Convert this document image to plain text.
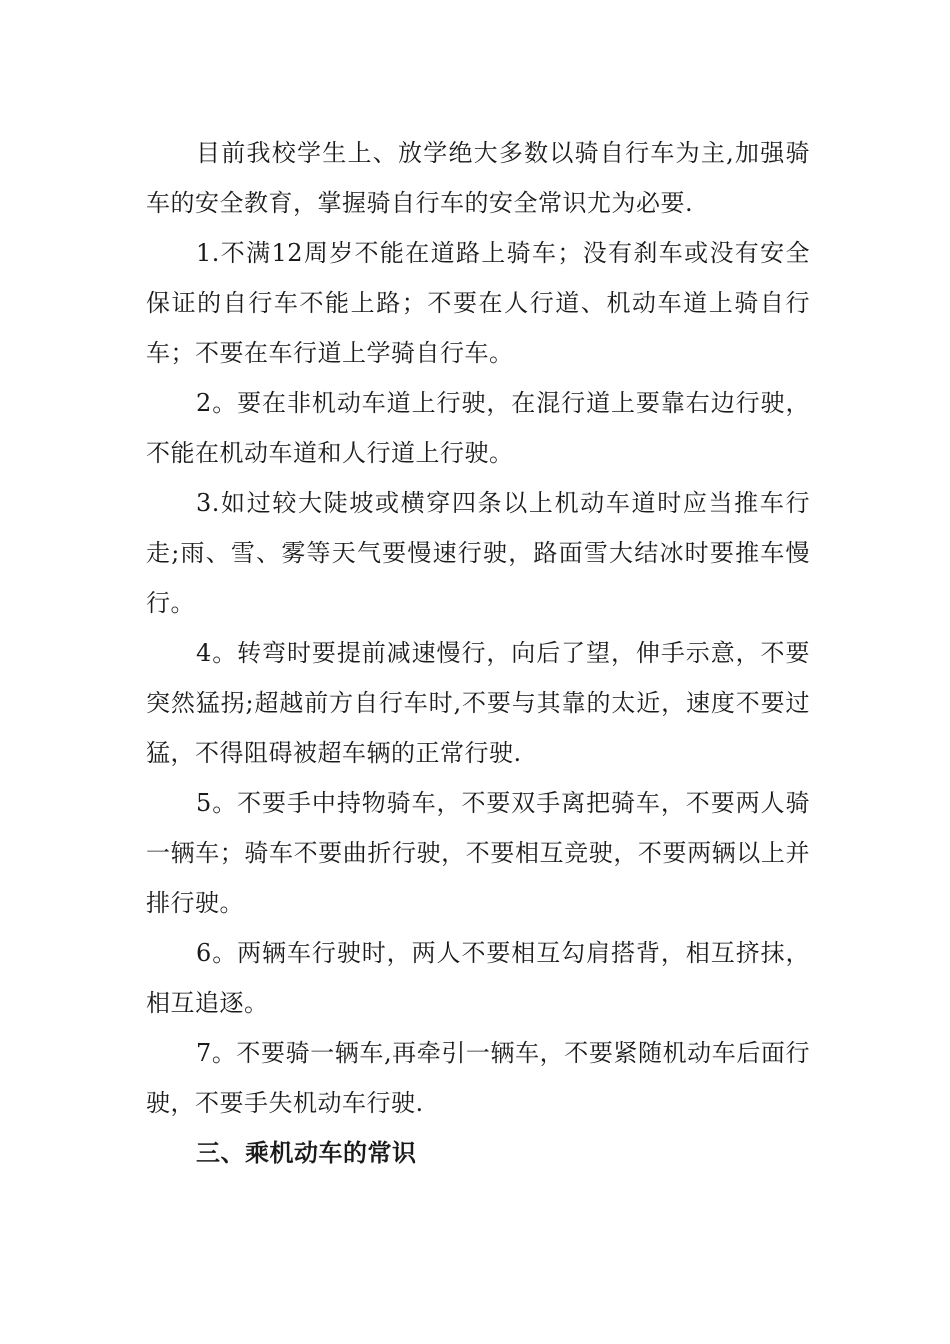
目前我校学生上、放学绝大多数以骑自行车为主,加强骑车的安全教育，掌握骑自行车的安全常识尤为必要.

1.不满12周岁不能在道路上骑车；没有刹车或没有安全保证的自行车不能上路；不要在人行道、机动车道上骑自行车；不要在车行道上学骑自行车。

2。要在非机动车道上行驶，在混行道上要靠右边行驶，不能在机动车道和人行道上行驶。

3.如过较大陡坡或横穿四条以上机动车道时应当推车行走;雨、雪、雾等天气要慢速行驶，路面雪大结冰时要推车慢行。

4。转弯时要提前减速慢行，向后了望，伸手示意，不要突然猛拐;超越前方自行车时,不要与其靠的太近，速度不要过猛，不得阻碍被超车辆的正常行驶.

5。不要手中持物骑车，不要双手离把骑车，不要两人骑一辆车；骑车不要曲折行驶，不要相互竞驶，不要两辆以上并排行驶。

6。两辆车行驶时，两人不要相互勾肩搭背，相互挤抹，相互追逐。

7。不要骑一辆车,再牵引一辆车，不要紧随机动车后面行驶，不要手失机动车行驶.

三、乘机动车的常识
